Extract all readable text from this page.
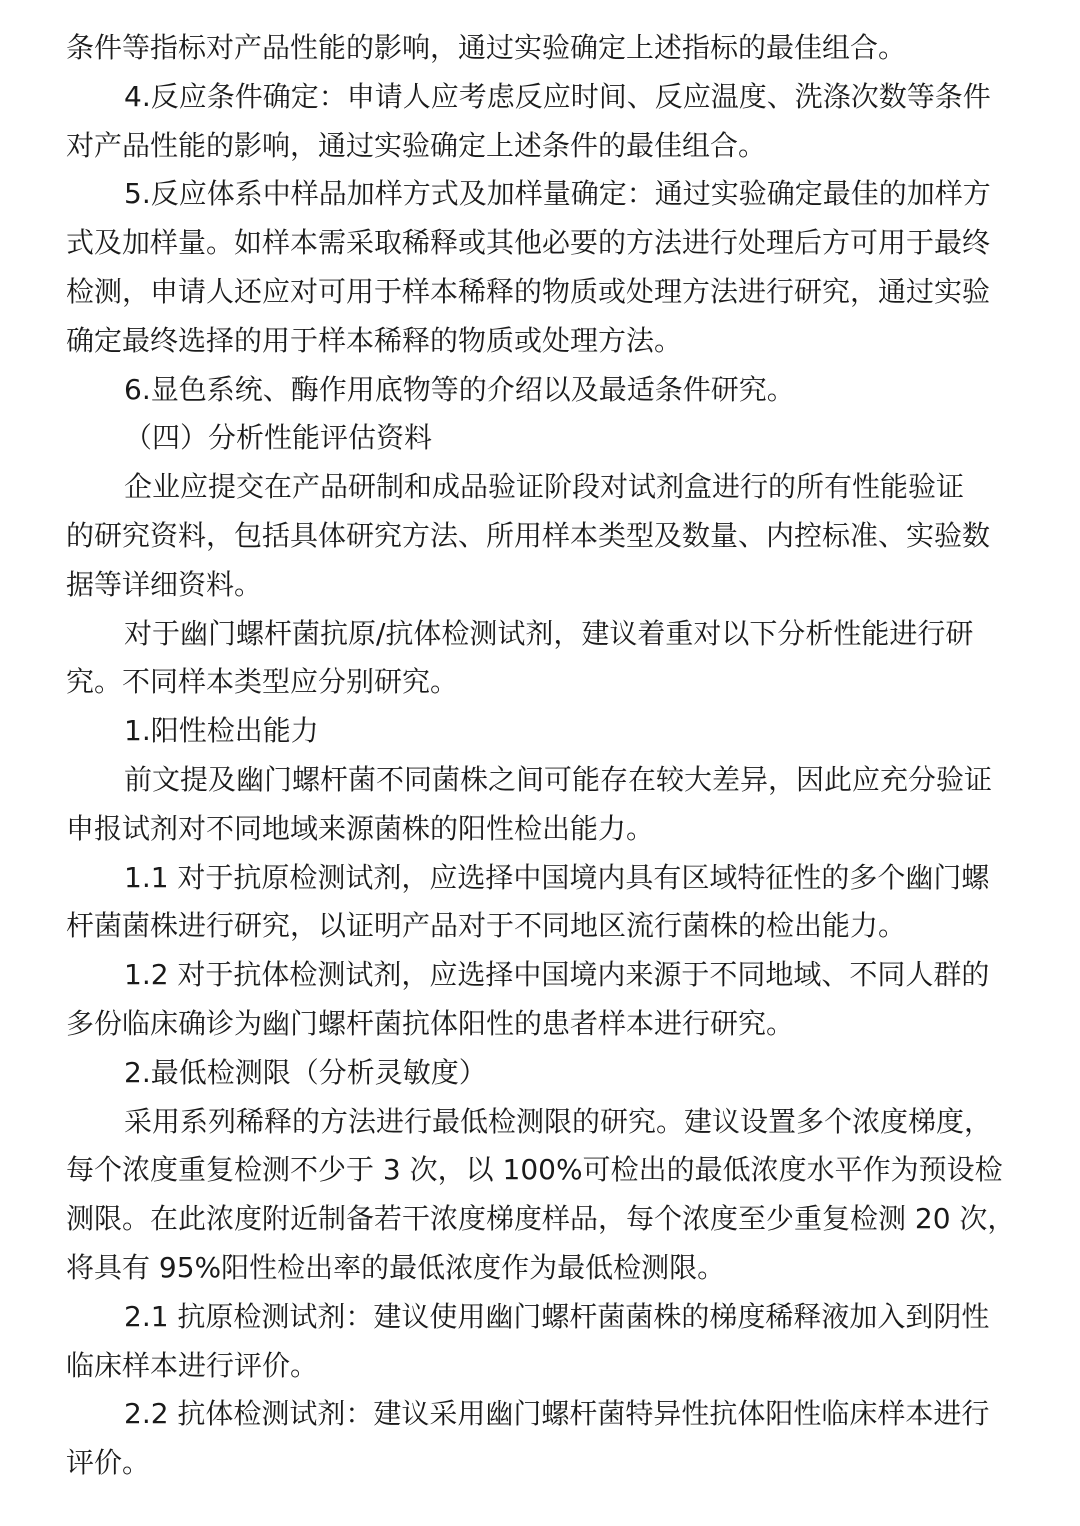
条件等指标对产品性能的影响，通过实验确定上述指标的最佳组合。
4.反应条件确定：申请人应考虑反应时间、反应温度、洗涤次数等条件
对产品性能的影响，通过实验确定上述条件的最佳组合。
5.反应体系中样品加样方式及加样量确定：通过实验确定最佳的加样方
式及加样量。如样本需采取稀释或其他必要的方法进行处理后方可用于最终
检测，申请人还应对可用于样本稀释的物质或处理方法进行研究，通过实验
确定最终选择的用于样本稀释的物质或处理方法。
6.显色系统、酶作用底物等的介绍以及最适条件研究。
（四）分析性能评估资料
企业应提交在产品研制和成品验证阶段对试剂盒进行的所有性能验证
的研究资料，包括具体研究方法、所用样本类型及数量、内控标准、实验数
据等详细资料。
对于幽门螺杆菌抗原/抗体检测试剂，建议着重对以下分析性能进行研
究。不同样本类型应分别研究。
1.阳性检出能力
前文提及幽门螺杆菌不同菌株之间可能存在较大差异，因此应充分验证
申报试剂对不同地域来源菌株的阳性检出能力。
1.1 对于抗原检测试剂，应选择中国境内具有区域特征性的多个幽门螺
杆菌菌株进行研究，以证明产品对于不同地区流行菌株的检出能力。
1.2 对于抗体检测试剂，应选择中国境内来源于不同地域、不同人群的
多份临床确诊为幽门螺杆菌抗体阳性的患者样本进行研究。
2.最低检测限（分析灵敏度）
采用系列稀释的方法进行最低检测限的研究。建议设置多个浓度梯度，
每个浓度重复检测不少于 3 次，以 100%可检出的最低浓度水平作为预设检
测限。在此浓度附近制备若干浓度梯度样品，每个浓度至少重复检测 20 次，
将具有 95%阳性检出率的最低浓度作为最低检测限。
2.1 抗原检测试剂：建议使用幽门螺杆菌菌株的梯度稀释液加入到阴性
临床样本进行评价。
2.2 抗体检测试剂：建议采用幽门螺杆菌特异性抗体阳性临床样本进行
评价。
